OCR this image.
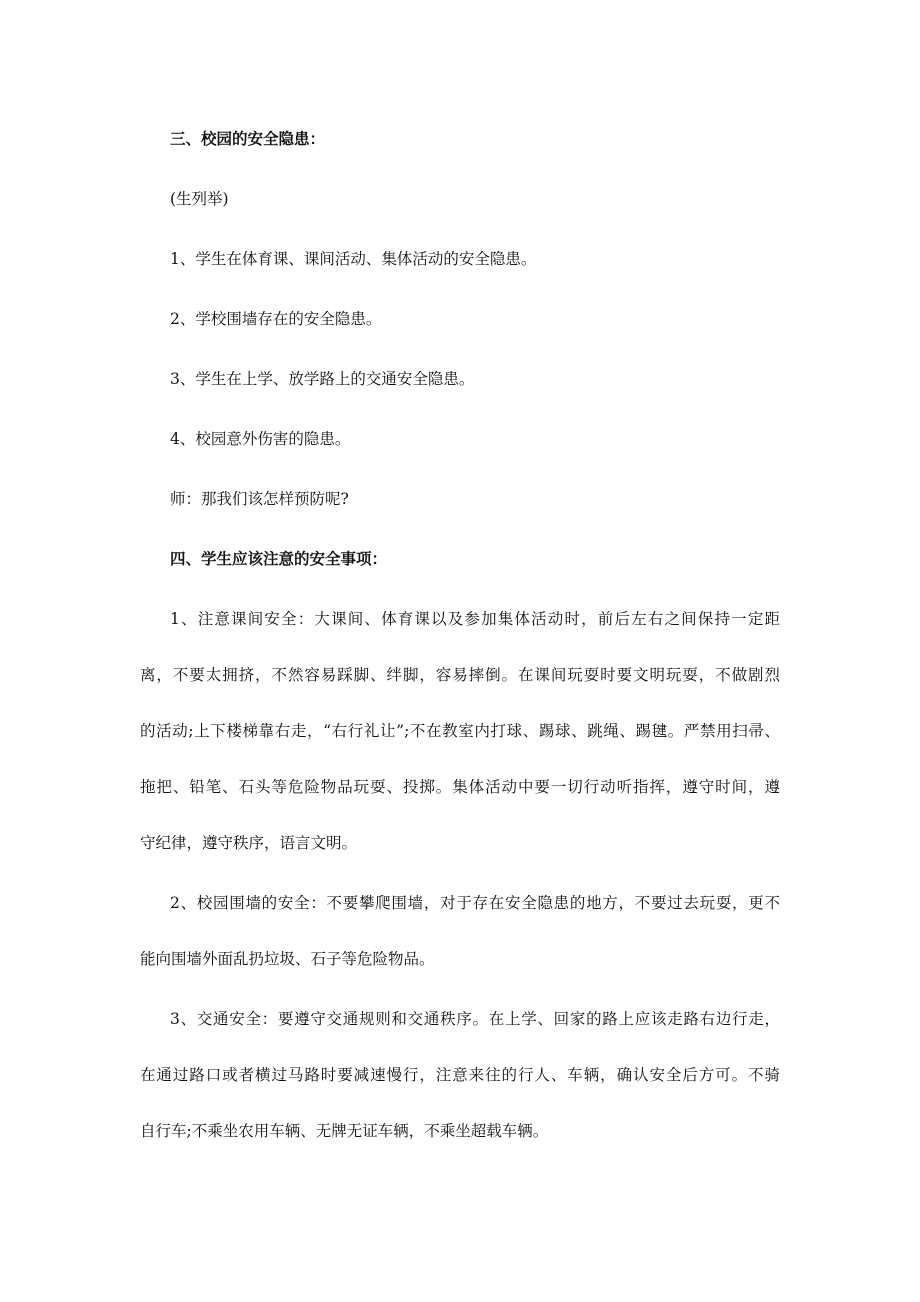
三、校园的安全隐患：

(生列举)

1、学生在体育课、课间活动、集体活动的安全隐患。

2、学校围墙存在的安全隐患。

3、学生在上学、放学路上的交通安全隐患。

4、校园意外伤害的隐患。

师：那我们该怎样预防呢?

四、学生应该注意的安全事项：

1、注意课间安全：大课间、体育课以及参加集体活动时，前后左右之间保持一定距

离，不要太拥挤，不然容易踩脚、绊脚，容易摔倒。在课间玩耍时要文明玩耍，不做剧烈

的活动;上下楼梯靠右走，“右行礼让”;不在教室内打球、踢球、跳绳、踢毽。严禁用扫帚、

拖把、铅笔、石头等危险物品玩耍、投掷。集体活动中要一切行动听指挥，遵守时间，遵

守纪律，遵守秩序，语言文明。

2、校园围墙的安全：不要攀爬围墙，对于存在安全隐患的地方，不要过去玩耍，更不

能向围墙外面乱扔垃圾、石子等危险物品。

3、交通安全：要遵守交通规则和交通秩序。在上学、回家的路上应该走路右边行走，

在通过路口或者横过马路时要减速慢行，注意来往的行人、车辆，确认安全后方可。不骑

自行车;不乘坐农用车辆、无牌无证车辆，不乘坐超载车辆。
